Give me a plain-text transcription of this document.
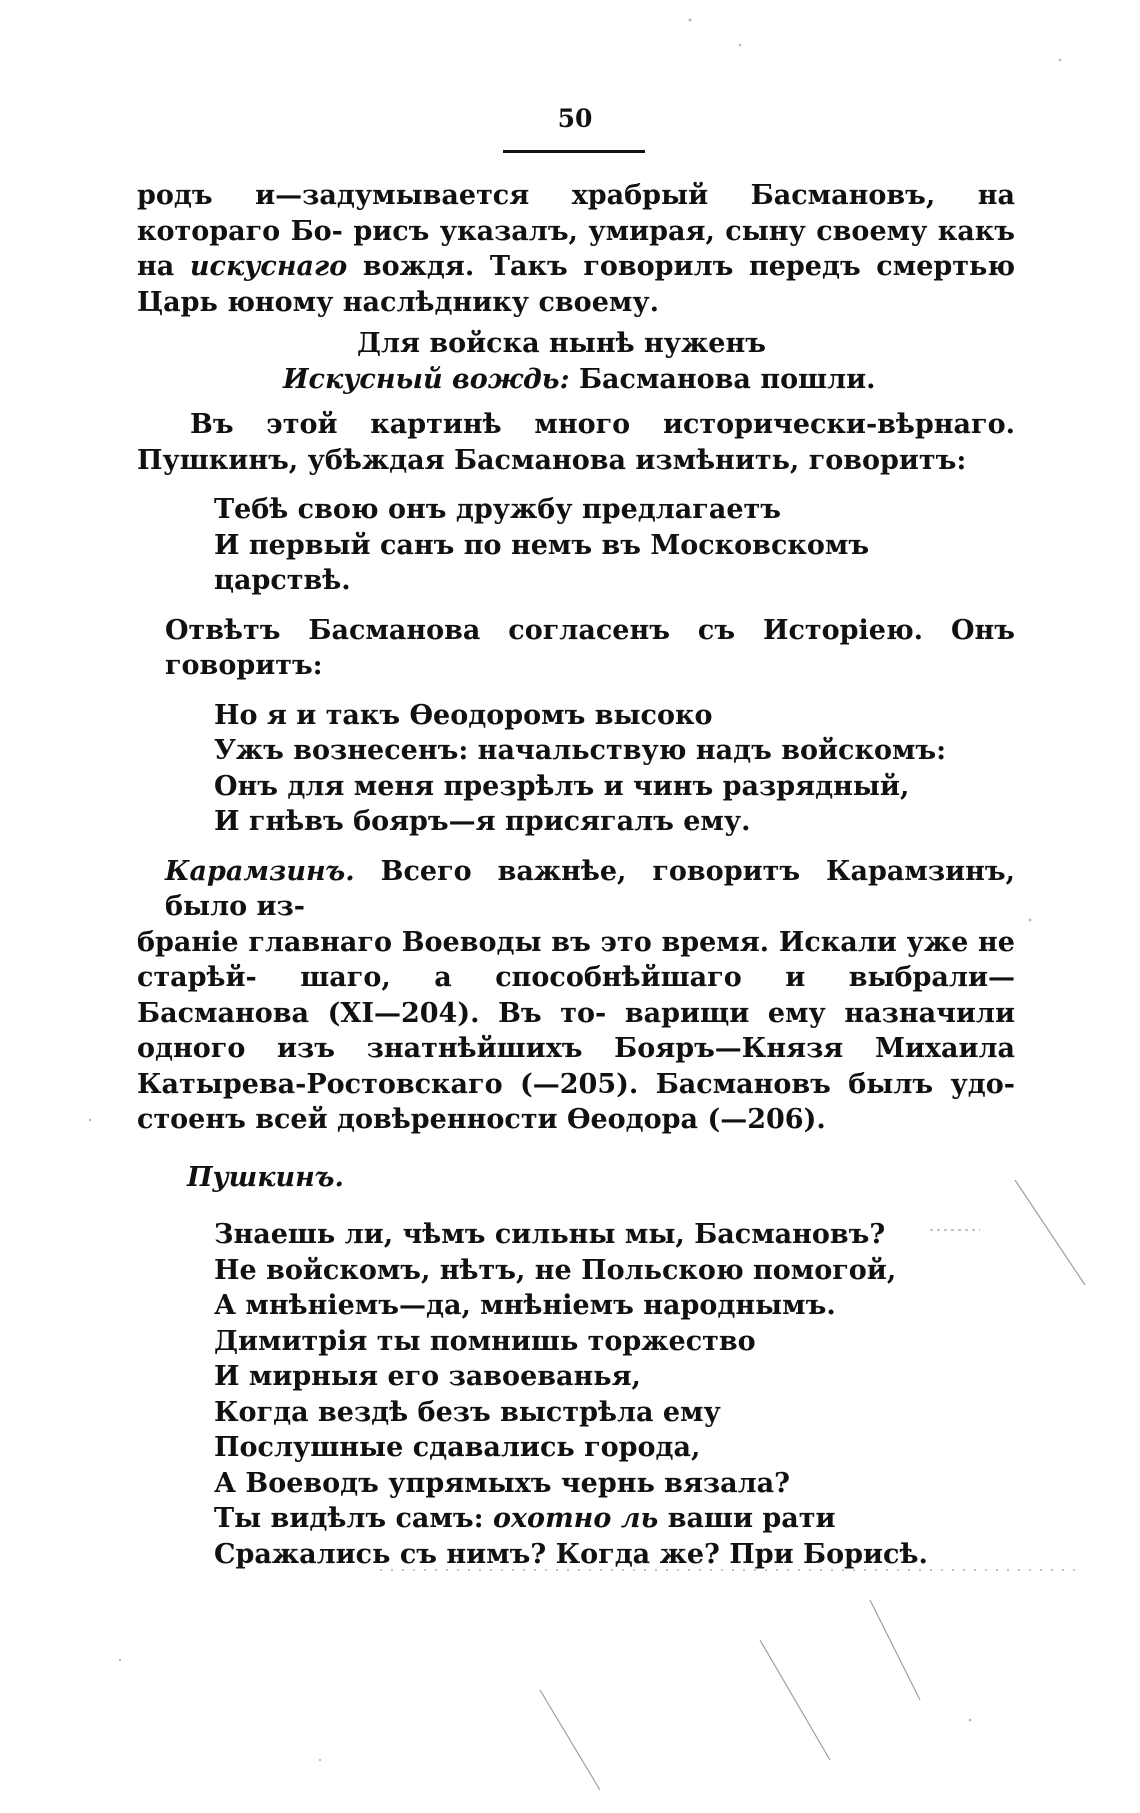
50
родъ и—задумывается храбрый Басмановъ, на котораго Бо- рисъ указалъ, умирая, сыну своему какъ на искуснаго вождя. Такъ говорилъ передъ смертью Царь юному наслѣднику своему.
Для войска нынѣ нуженъ
Искусный вождь: Басманова пошли.
Въ этой картинѣ много исторически-вѣрнаго. Пушкинъ, убѣждая Басманова измѣнить, говоритъ:
Тебѣ свою онъ дружбу предлагаетъ
И первый санъ по немъ въ Московскомъ царствѣ.
Отвѣтъ Басманова согласенъ съ Исторіею. Онъ говоритъ:
Но я и такъ Ѳеодоромъ высоко
Ужъ вознесенъ: начальствую надъ войскомъ:
Онъ для меня презрѣлъ и чинъ разрядный,
И гнѣвъ бояръ—я присягалъ ему.
Карамзинъ. Всего важнѣе, говоритъ Карамзинъ, было из-
браніе главнаго Воеводы въ это время. Искали уже не старѣй- шаго, а способнѣйшаго и выбрали—Басманова (XI—204). Въ то- варищи ему назначили одного изъ знатнѣйшихъ Бояръ—Князя Михаила Катырева-Ростовскаго (—205). Басмановъ былъ удо- стоенъ всей довѣренности Ѳеодора (—206).
Пушкинъ.
Знаешь ли, чѣмъ сильны мы, Басмановъ?
Не войскомъ, нѣтъ, не Польскою помогой,
А мнѣніемъ—да, мнѣніемъ народнымъ.
Димитрія ты помнишь торжество
И мирныя его завоеванья,
Когда вездѣ безъ выстрѣла ему
Послушные сдавались города,
А Воеводъ упрямыхъ чернь вязала?
Ты видѣлъ самъ: охотно ль ваши рати
Сражались съ нимъ? Когда же? При Борисѣ.
